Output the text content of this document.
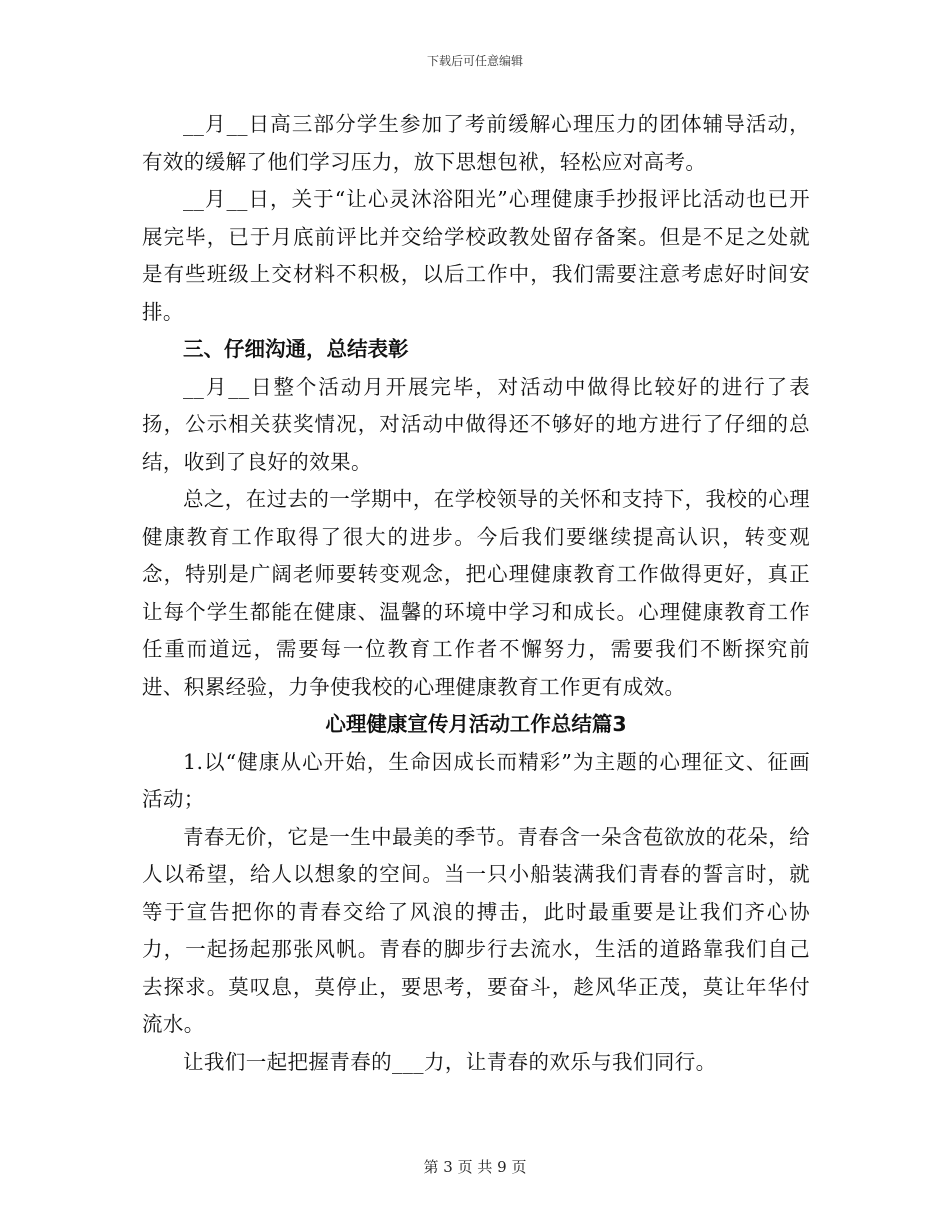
下载后可任意编辑

__月__日高三部分学生参加了考前缓解心理压力的团体辅导活动，有效的缓解了他们学习压力，放下思想包袱，轻松应对高考。

__月__日，关于“让心灵沐浴阳光”心理健康手抄报评比活动也已开展完毕，已于月底前评比并交给学校政教处留存备案。但是不足之处就是有些班级上交材料不积极，以后工作中，我们需要注意考虑好时间安排。

三、仔细沟通，总结表彰

__月__日整个活动月开展完毕，对活动中做得比较好的进行了表扬，公示相关获奖情况，对活动中做得还不够好的地方进行了仔细的总结，收到了良好的效果。

总之，在过去的一学期中，在学校领导的关怀和支持下，我校的心理健康教育工作取得了很大的进步。今后我们要继续提高认识，转变观念，特别是广阔老师要转变观念，把心理健康教育工作做得更好，真正让每个学生都能在健康、温馨的环境中学习和成长。心理健康教育工作任重而道远，需要每一位教育工作者不懈努力，需要我们不断探究前进、积累经验，力争使我校的心理健康教育工作更有成效。

心理健康宣传月活动工作总结篇3

1.以“健康从心开始，生命因成长而精彩”为主题的心理征文、征画活动；

青春无价，它是一生中最美的季节。青春含一朵含苞欲放的花朵，给人以希望，给人以想象的空间。当一只小船装满我们青春的誓言时，就等于宣告把你的青春交给了风浪的搏击，此时最重要是让我们齐心协力，一起扬起那张风帆。青春的脚步行去流水，生活的道路靠我们自己去探求。莫叹息，莫停止，要思考，要奋斗，趁风华正茂，莫让年华付流水。

让我们一起把握青春的___力，让青春的欢乐与我们同行。

第 3 页 共 9 页
